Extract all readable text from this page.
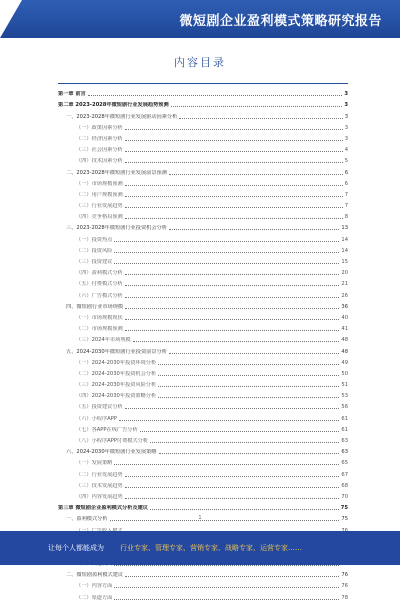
微短剧企业盈利模式策略研究报告
内容目录
第一章 前言	3
第二章 2023-2028年微短剧行业发展趋势预测	3
一、2023-2028年微短剧行业发展驱动因素分析	3
（一）政策因素分析	3
（二）经济因素分析	3
（三）社会因素分析	4
（四）技术因素分析	5
二、2023-2028年微短剧行业发展前景预测	6
（一）市场规模预测	6
（二）用户规模预测	7
（三）行业发展趋势	7
（四）竞争格局预测	8
三、2023-2028年微短剧行业投资机会分析	13
（一）投资热点	14
（二）投资风险	14
（三）投资建议	15
（四）盈利模式分析	20
（五）付费模式分析	21
（六）广告模式分析	26
四、微短剧行业市场规模	36
（一）市场规模现状	40
（二）市场规模预测	41
（三）2024年市场规模	48
五、2024-2030年微短剧行业投资前景分析	48
（一）2024-2030年投资环境分析	49
（二）2024-2030年投资机会分析	50
（三）2024-2030年投资风险分析	51
（四）2024-2030年投资策略分析	53
（五）投资建议分析	56
（六）小程序APP	61
（七）各APP在线广告分析	61
（八）小程序APP付费模式分析	63
六、2024-2030年微短剧行业发展策略	63
（一）发展策略	65
（二）行业发展趋势	67
（三）技术发展趋势	68
（四）内容发展趋势	70
第三章 微短剧企业盈利模式分析及建议	75
一、盈利模式分析	75
二、微短剧盈利模式建议	76
（一）内容方面	76
（二）渠道方面	78
1
让每个人都能成为 行业专家、管理专家、营销专家、战略专家、运营专家……
